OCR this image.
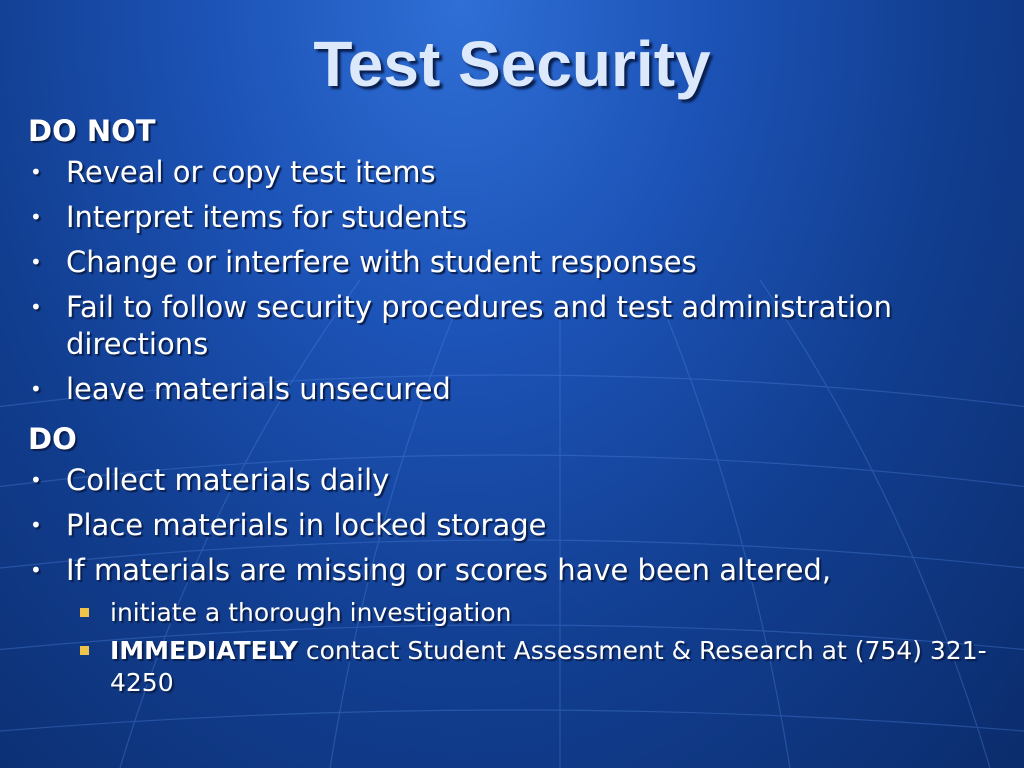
Test Security
DO NOT
• Reveal or copy test items
• Interpret items for students
• Change or interfere with student responses
• Fail to follow security procedures and test administration directions
• leave materials unsecured
DO
• Collect materials daily
• Place materials in locked storage
• If materials are missing or scores have been altered,
initiate a thorough investigation
IMMEDIATELY contact Student Assessment & Research at (754) 321-4250
